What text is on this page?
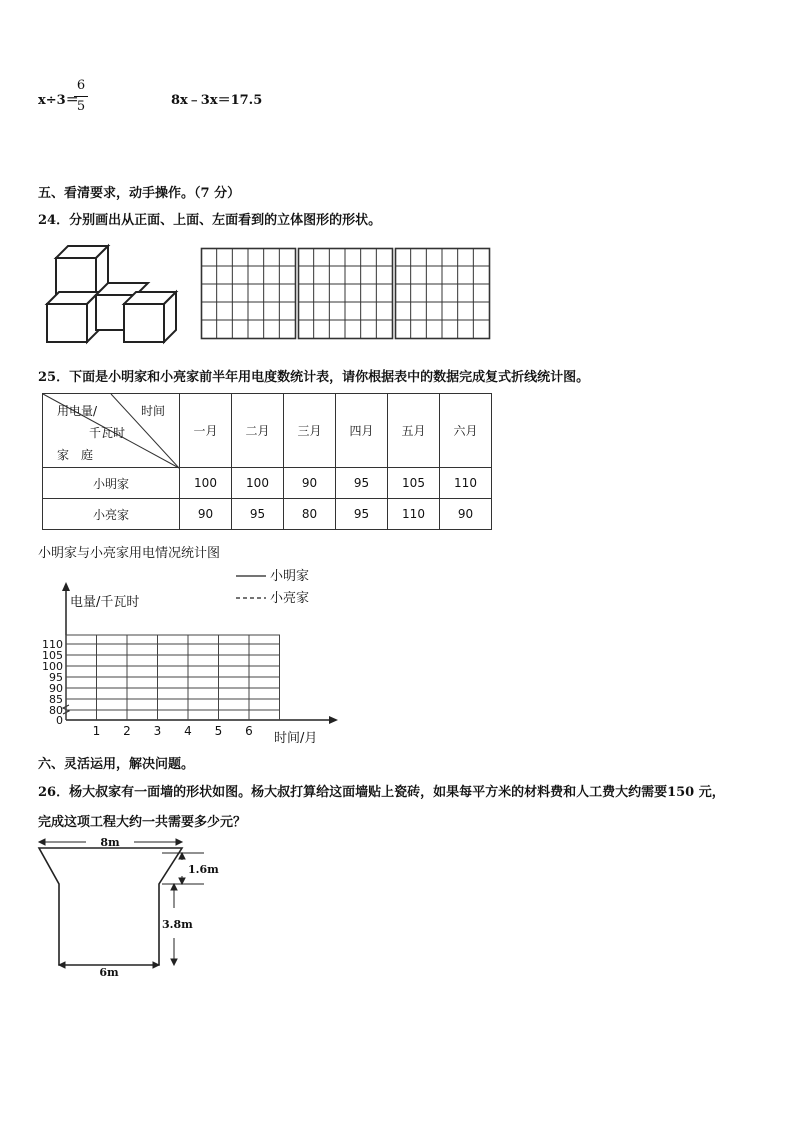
x÷3＝
6
5	8x﹣3x＝17.5
五、看清要求，动手操作。（7 分）
24．分别画出从正面、上面、左面看到的立体图形的形状。
25．下面是小明家和小亮家前半年用电度数统计表，请你根据表中的数据完成复式折线统计图。
用电量/ 时间
千瓦时
家　庭	一月	二月	三月	四月	五月	六月
小明家	100	100	90	95	105	110
小亮家	90	95	80	95	110	90
小明家与小亮家用电情况统计图
0
80
85
90
95
100
105
110
1 2 3 4 5 6
电量/千瓦时
时间/月
小明家
小亮家
六、灵活运用，解决问题。
26．杨大叔家有一面墙的形状如图。杨大叔打算给这面墙贴上瓷砖，如果每平方米的材料费和人工费大约需要150 元，
完成这项工程大约一共需要多少元？
8m
1.6m
3.8m
6m
